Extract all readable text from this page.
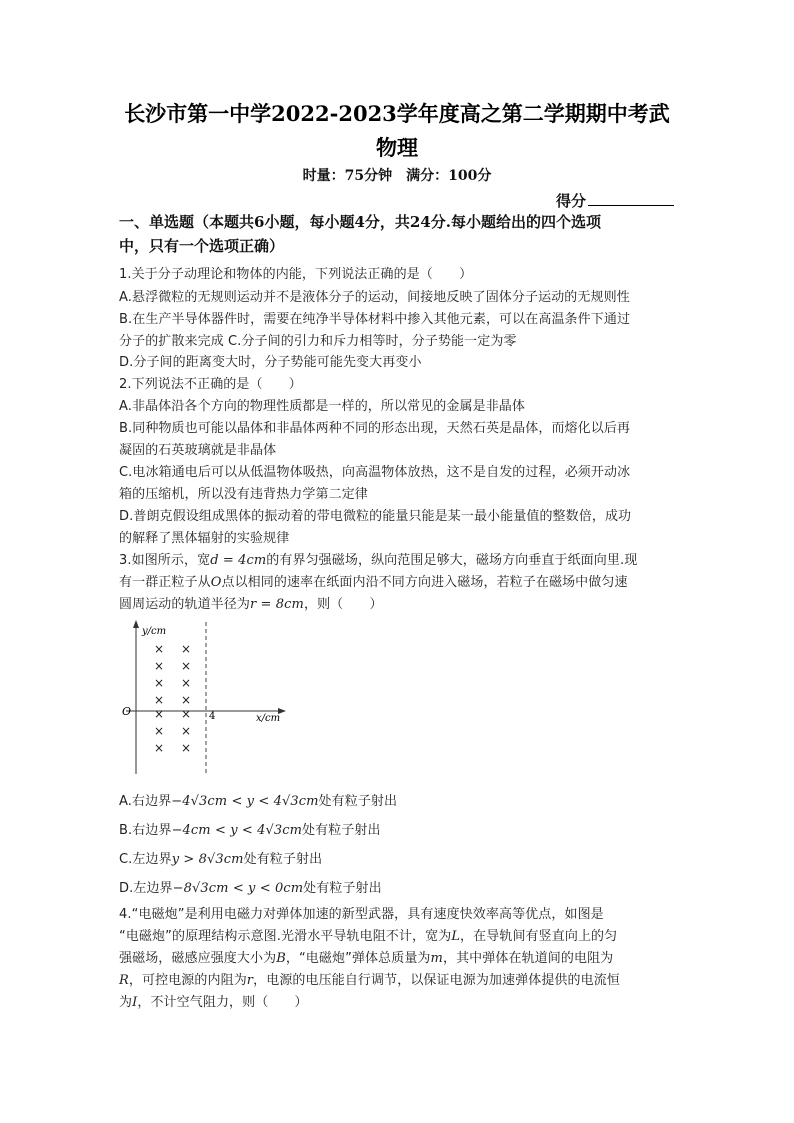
长沙市第一中学2022-2023学年度高之第二学期期中考武
物理
时量：75分钟　满分：100分
得分
一、单选题（本题共6小题，每小题4分，共24分.每小题给出的四个选项
中，只有一个选项正确）
1.关于分子动理论和物体的内能，下列说法正确的是（　　）
A.悬浮微粒的无规则运动并不是液体分子的运动，间接地反映了固体分子运动的无规则性
B.在生产半导体器件时，需要在纯净半导体材料中掺入其他元素，可以在高温条件下通过
分子的扩散来完成 C.分子间的引力和斥力相等时，分子势能一定为零
D.分子间的距离变大时，分子势能可能先变大再变小
2.下列说法不正确的是（　　）
A.非晶体沿各个方向的物理性质都是一样的，所以常见的金属是非晶体
B.同种物质也可能以晶体和非晶体两种不同的形态出现，天然石英是晶体，而熔化以后再
凝固的石英玻璃就是非晶体
C.电冰箱通电后可以从低温物体吸热，向高温物体放热，这不是自发的过程，必须开动冰
箱的压缩机，所以没有违背热力学第二定律
D.普朗克假设组成黑体的振动着的带电微粒的能量只能是某一最小能量值的整数倍，成功
的解释了黑体辐射的实验规律
3.如图所示，宽d = 4cm的有界匀强磁场，纵向范围足够大，磁场方向垂直于纸面向里.现
有一群正粒子从O点以相同的速率在纸面内沿不同方向进入磁场，若粒子在磁场中做匀速
圆周运动的轨道半径为r = 8cm，则（　　）
y/cm
x/cm
O	4
×
×
×
×
×
×
×
×
×
×
×
×
×
×
A.右边界−4√3cm < y < 4√3cm处有粒子射出
B.右边界−4cm < y < 4√3cm处有粒子射出
C.左边界y > 8√3cm处有粒子射出
D.左边界−8√3cm < y < 0cm处有粒子射出
4.“电磁炮”是利用电磁力对弹体加速的新型武器，具有速度快效率高等优点，如图是
“电磁炮”的原理结构示意图.光滑水平导轨电阻不计，宽为L，在导轨间有竖直向上的匀
强磁场，磁感应强度大小为B，“电磁炮”弹体总质量为m，其中弹体在轨道间的电阻为
R，可控电源的内阻为r，电源的电压能自行调节，以保证电源为加速弹体提供的电流恒
为I，不计空气阻力，则（　　）
